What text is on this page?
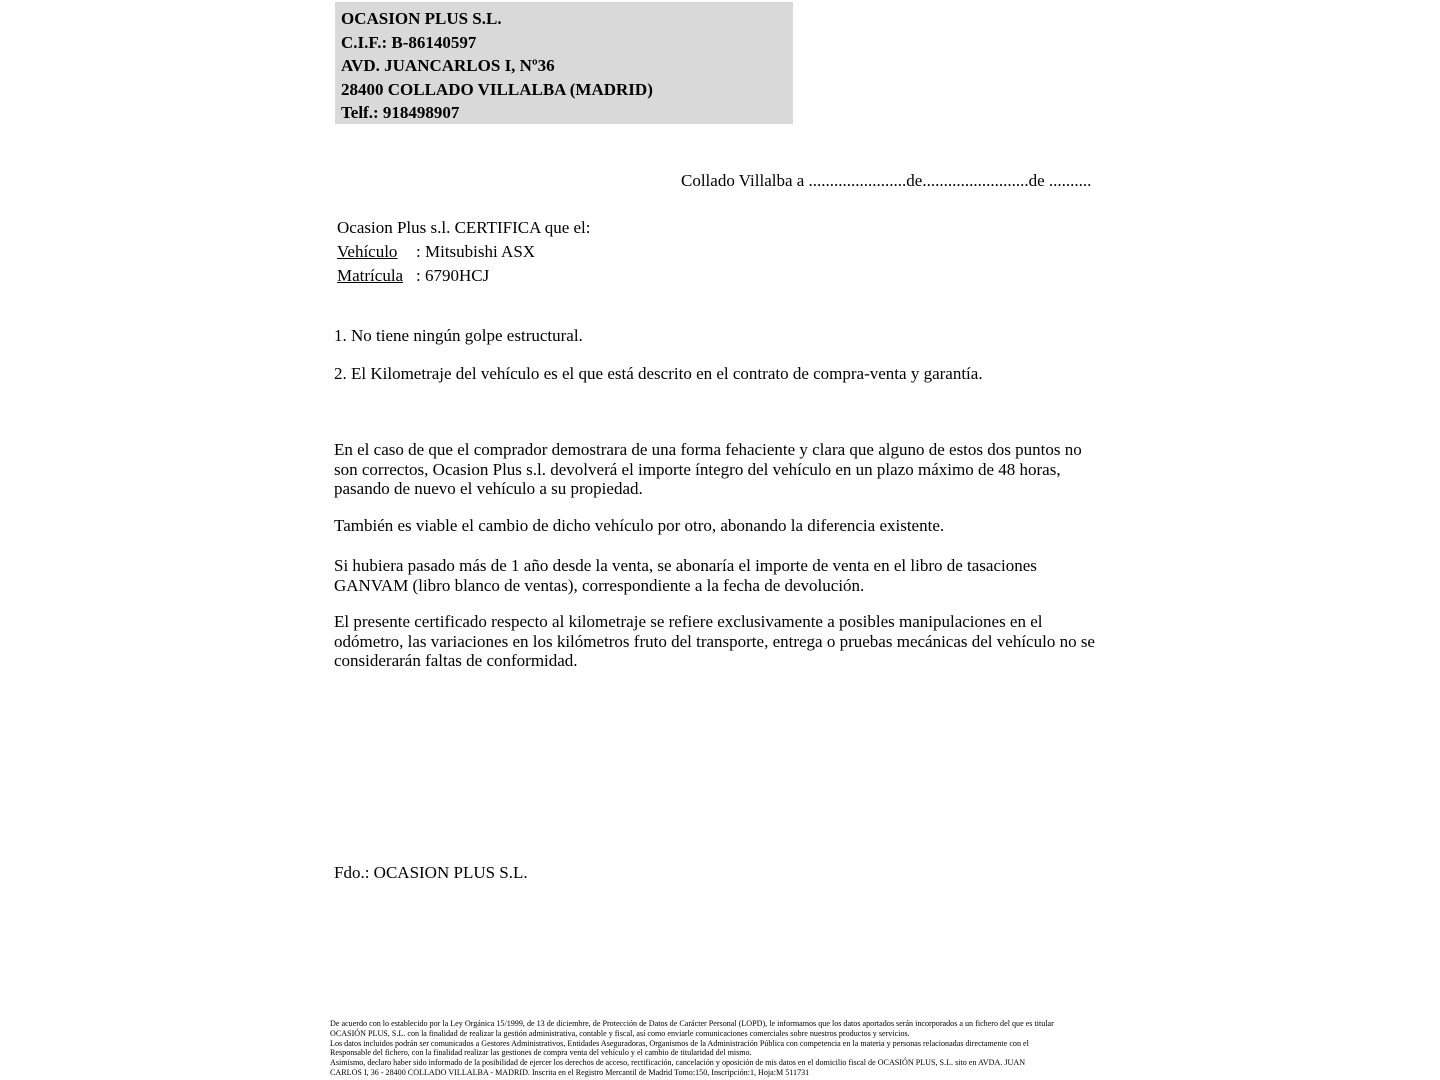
OCASION PLUS S.L.
C.I.F.: B-86140597
AVD. JUANCARLOS I, Nº36
28400 COLLADO VILLALBA (MADRID)
Telf.: 918498907
Collado Villalba a .......................de.........................de ..........
Ocasion Plus s.l. CERTIFICA que el:
Vehículo : Mitsubishi ASX
Matrícula : 6790HCJ
1. No tiene ningún golpe estructural.
2. El Kilometraje del vehículo es el que está descrito en el contrato de compra-venta y garantía.
En el caso de que el comprador demostrara de una forma fehaciente y clara que alguno de estos dos puntos no son correctos, Ocasion Plus s.l. devolverá el importe íntegro del vehículo en un plazo máximo de 48 horas, pasando de nuevo el vehículo a su propiedad.
También es viable el cambio de dicho vehículo por otro, abonando la diferencia existente.
Si hubiera pasado más de 1 año desde la venta, se abonaría el importe de venta en el libro de tasaciones GANVAM (libro blanco de ventas), correspondiente a la fecha de devolución.
El presente certificado respecto al kilometraje se refiere exclusivamente a posibles manipulaciones en el odómetro, las variaciones en los kilómetros fruto del transporte, entrega o pruebas mecánicas del vehículo no se considerarán faltas de conformidad.
Fdo.: OCASION PLUS S.L.
De acuerdo con lo establecido por la Ley Orgánica 15/1999, de 13 de diciembre, de Protección de Datos de Carácter Personal (LOPD), le informamos que los datos aportados serán incorporados a un fichero del que es titular
OCASIÓN PLUS, S.L. con la finalidad de realizar la gestión administrativa, contable y fiscal, así como enviarle comunicaciones comerciales sobre nuestros productos y servicios.
Los datos incluidos podrán ser comunicados a Gestores Administrativos, Entidades Aseguradoras, Organismos de la Administración Pública con competencia en la materia y personas relacionadas directamente con el
Responsable del fichero, con la finalidad realizar las gestiones de compra venta del vehículo y el cambio de titularidad del mismo.
Asimismo, declaro haber sido informado de la posibilidad de ejercer los derechos de acceso, rectificación, cancelación y oposición de mis datos en el domicilio fiscal de OCASIÓN PLUS, S.L. sito en AVDA. JUAN
CARLOS I, 36 - 28400 COLLADO VILLALBA - MADRID. Inscrita en el Registro Mercantil de Madrid Tomo:150, Inscripción:1, Hoja:M 511731
